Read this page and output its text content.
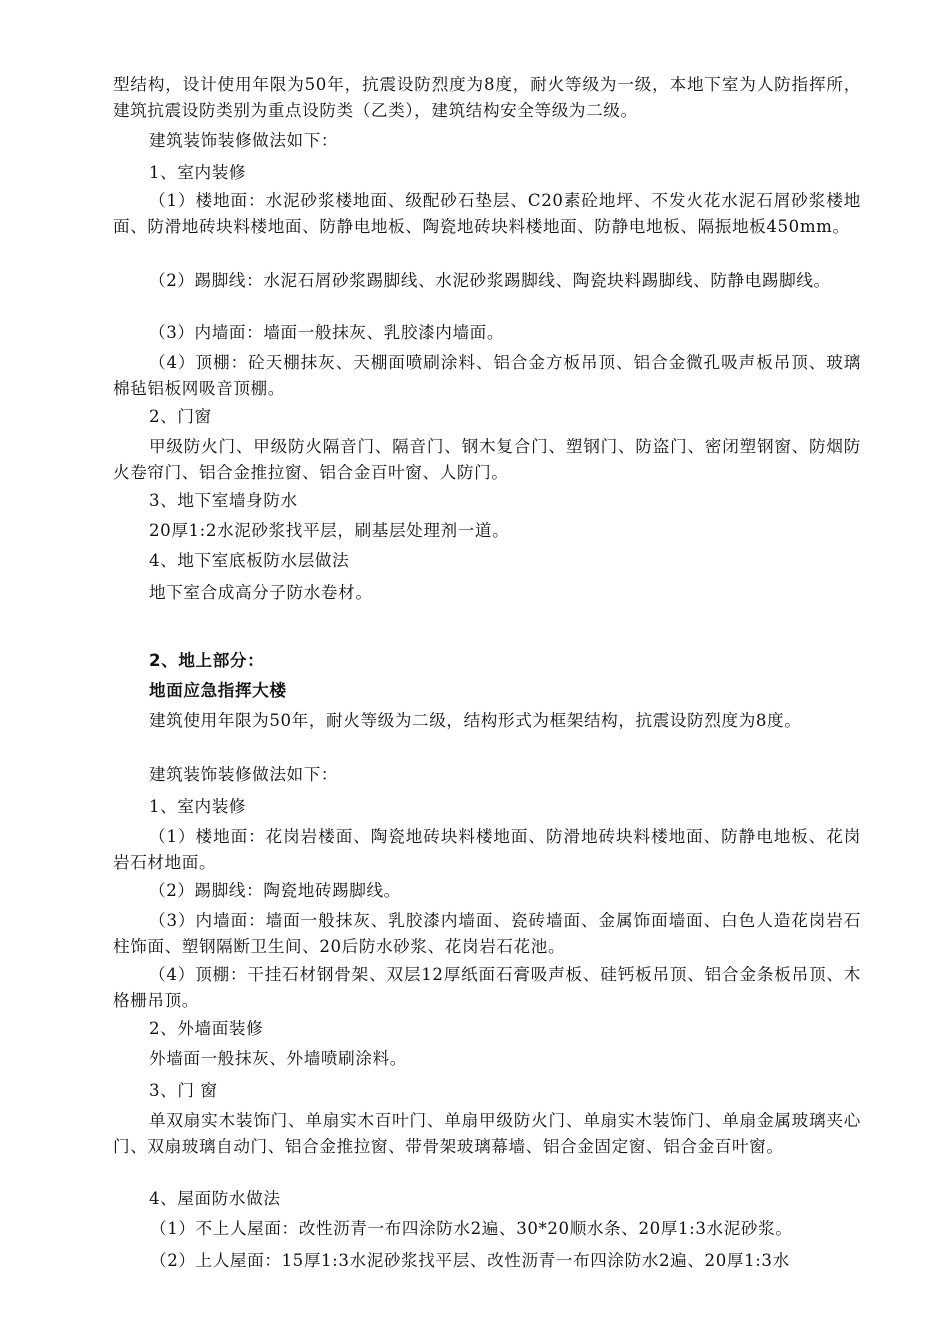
型结构，设计使用年限为50年，抗震设防烈度为8度，耐火等级为一级，本地下室为人防指挥所，建筑抗震设防类别为重点设防类（乙类），建筑结构安全等级为二级。

建筑装饰装修做法如下：

1、室内装修

（1）楼地面：水泥砂浆楼地面、级配砂石垫层、C20素砼地坪、不发火花水泥石屑砂浆楼地面、防滑地砖块料楼地面、防静电地板、陶瓷地砖块料楼地面、防静电地板、隔振地板450mm。

（2）踢脚线：水泥石屑砂浆踢脚线、水泥砂浆踢脚线、陶瓷块料踢脚线、防静电踢脚线。

（3）内墙面：墙面一般抹灰、乳胶漆内墙面。

（4）顶棚：砼天棚抹灰、天棚面喷刷涂料、铝合金方板吊顶、铝合金微孔吸声板吊顶、玻璃棉毡铝板网吸音顶棚。

2、门窗

甲级防火门、甲级防火隔音门、隔音门、钢木复合门、塑钢门、防盗门、密闭塑钢窗、防烟防火卷帘门、铝合金推拉窗、铝合金百叶窗、人防门。

3、地下室墙身防水

20厚1:2水泥砂浆找平层，刷基层处理剂一道。

4、地下室底板防水层做法

地下室合成高分子防水卷材。

2、地上部分：

地面应急指挥大楼

建筑使用年限为50年，耐火等级为二级，结构形式为框架结构，抗震设防烈度为8度。

建筑装饰装修做法如下：

1、室内装修

（1）楼地面：花岗岩楼面、陶瓷地砖块料楼地面、防滑地砖块料楼地面、防静电地板、花岗岩石材地面。

（2）踢脚线：陶瓷地砖踢脚线。

（3）内墙面：墙面一般抹灰、乳胶漆内墙面、瓷砖墙面、金属饰面墙面、白色人造花岗岩石柱饰面、塑钢隔断卫生间、20后防水砂浆、花岗岩石花池。

（4）顶棚：干挂石材钢骨架、双层12厚纸面石膏吸声板、硅钙板吊顶、铝合金条板吊顶、木格栅吊顶。

2、外墙面装修

外墙面一般抹灰、外墙喷刷涂料。

3、门 窗

单双扇实木装饰门、单扇实木百叶门、单扇甲级防火门、单扇实木装饰门、单扇金属玻璃夹心门、双扇玻璃自动门、铝合金推拉窗、带骨架玻璃幕墙、铝合金固定窗、铝合金百叶窗。

4、屋面防水做法

（1）不上人屋面：改性沥青一布四涂防水2遍、30*20顺水条、20厚1:3水泥砂浆。

（2）上人屋面：15厚1:3水泥砂浆找平层、改性沥青一布四涂防水2遍、20厚1:3水
